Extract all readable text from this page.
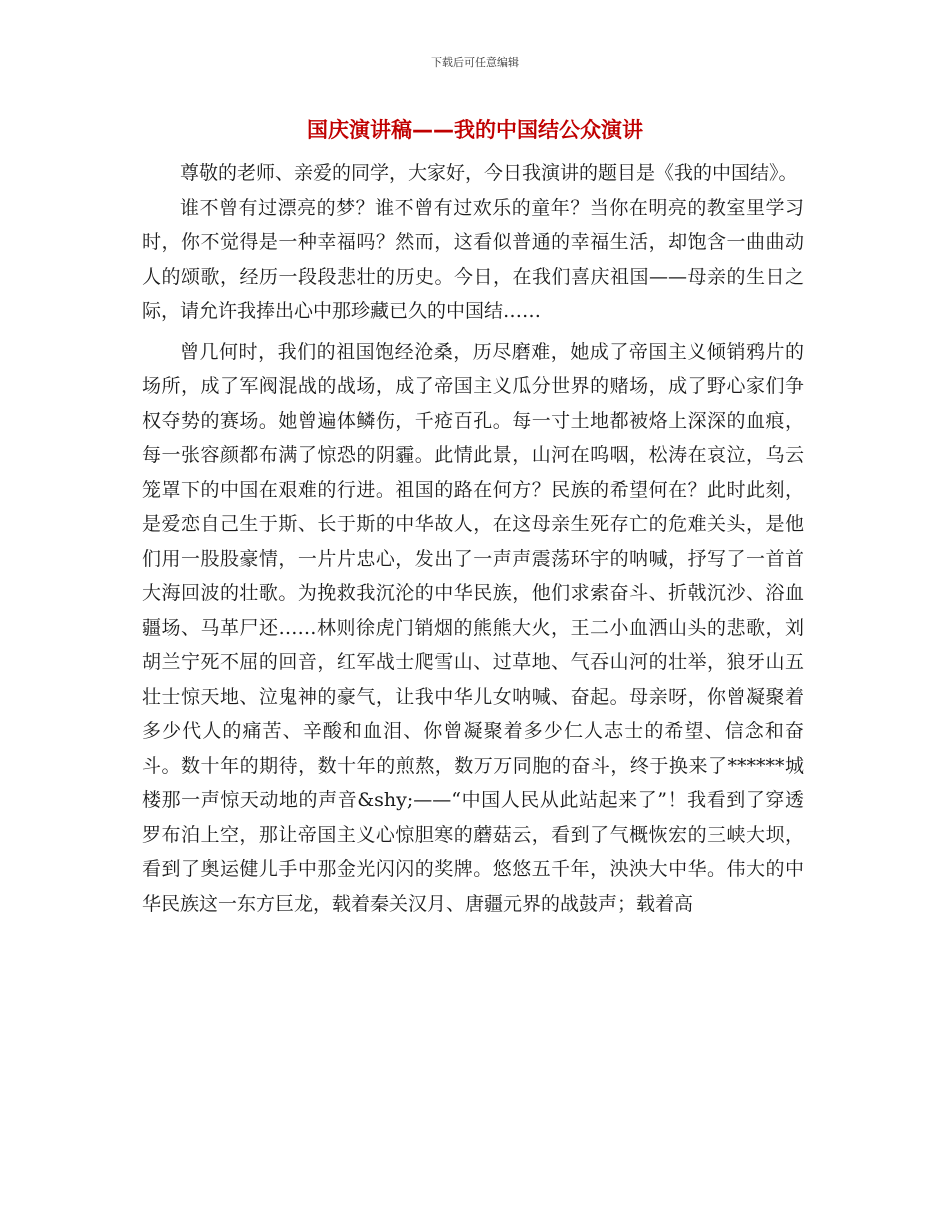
下载后可任意编辑
国庆演讲稿——我的中国结公众演讲

尊敬的老师、亲爱的同学，大家好，今日我演讲的题目是《我的中国结》。

谁不曾有过漂亮的梦？谁不曾有过欢乐的童年？当你在明亮的教室里学习时，你不觉得是一种幸福吗？然而，这看似普通的幸福生活，却饱含一曲曲动人的颂歌，经历一段段悲壮的历史。今日，在我们喜庆祖国——母亲的生日之际，请允许我捧出心中那珍藏已久的中国结……

曾几何时，我们的祖国饱经沧桑，历尽磨难，她成了帝国主义倾销鸦片的场所，成了军阀混战的战场，成了帝国主义瓜分世界的赌场，成了野心家们争权夺势的赛场。她曾遍体鳞伤，千疮百孔。每一寸土地都被烙上深深的血痕，每一张容颜都布满了惊恐的阴霾。此情此景，山河在呜咽，松涛在哀泣，乌云笼罩下的中国在艰难的行进。祖国的路在何方？民族的希望何在？此时此刻，是爱恋自己生于斯、长于斯的中华故人，在这母亲生死存亡的危难关头，是他们用一股股豪情，一片片忠心，发出了一声声震荡环宇的呐喊，抒写了一首首大海回波的壮歌。为挽救我沉沦的中华民族，他们求索奋斗、折戟沉沙、浴血疆场、马革尸还……林则徐虎门销烟的熊熊大火，王二小血洒山头的悲歌，刘胡兰宁死不屈的回音，红军战士爬雪山、过草地、气吞山河的壮举，狼牙山五壮士惊天地、泣鬼神的豪气，让我中华儿女呐喊、奋起。母亲呀，你曾凝聚着多少代人的痛苦、辛酸和血泪、你曾凝聚着多少仁人志士的希望、信念和奋斗。数十年的期待，数十年的煎熬，数万万同胞的奋斗，终于换来了******城楼那一声惊天动地的声音&shy;——“中国人民从此站起来了”！我看到了穿透罗布泊上空，那让帝国主义心惊胆寒的蘑菇云，看到了气概恢宏的三峡大坝，看到了奥运健儿手中那金光闪闪的奖牌。悠悠五千年，泱泱大中华。伟大的中华民族这一东方巨龙，载着秦关汉月、唐疆元界的战鼓声；载着高
